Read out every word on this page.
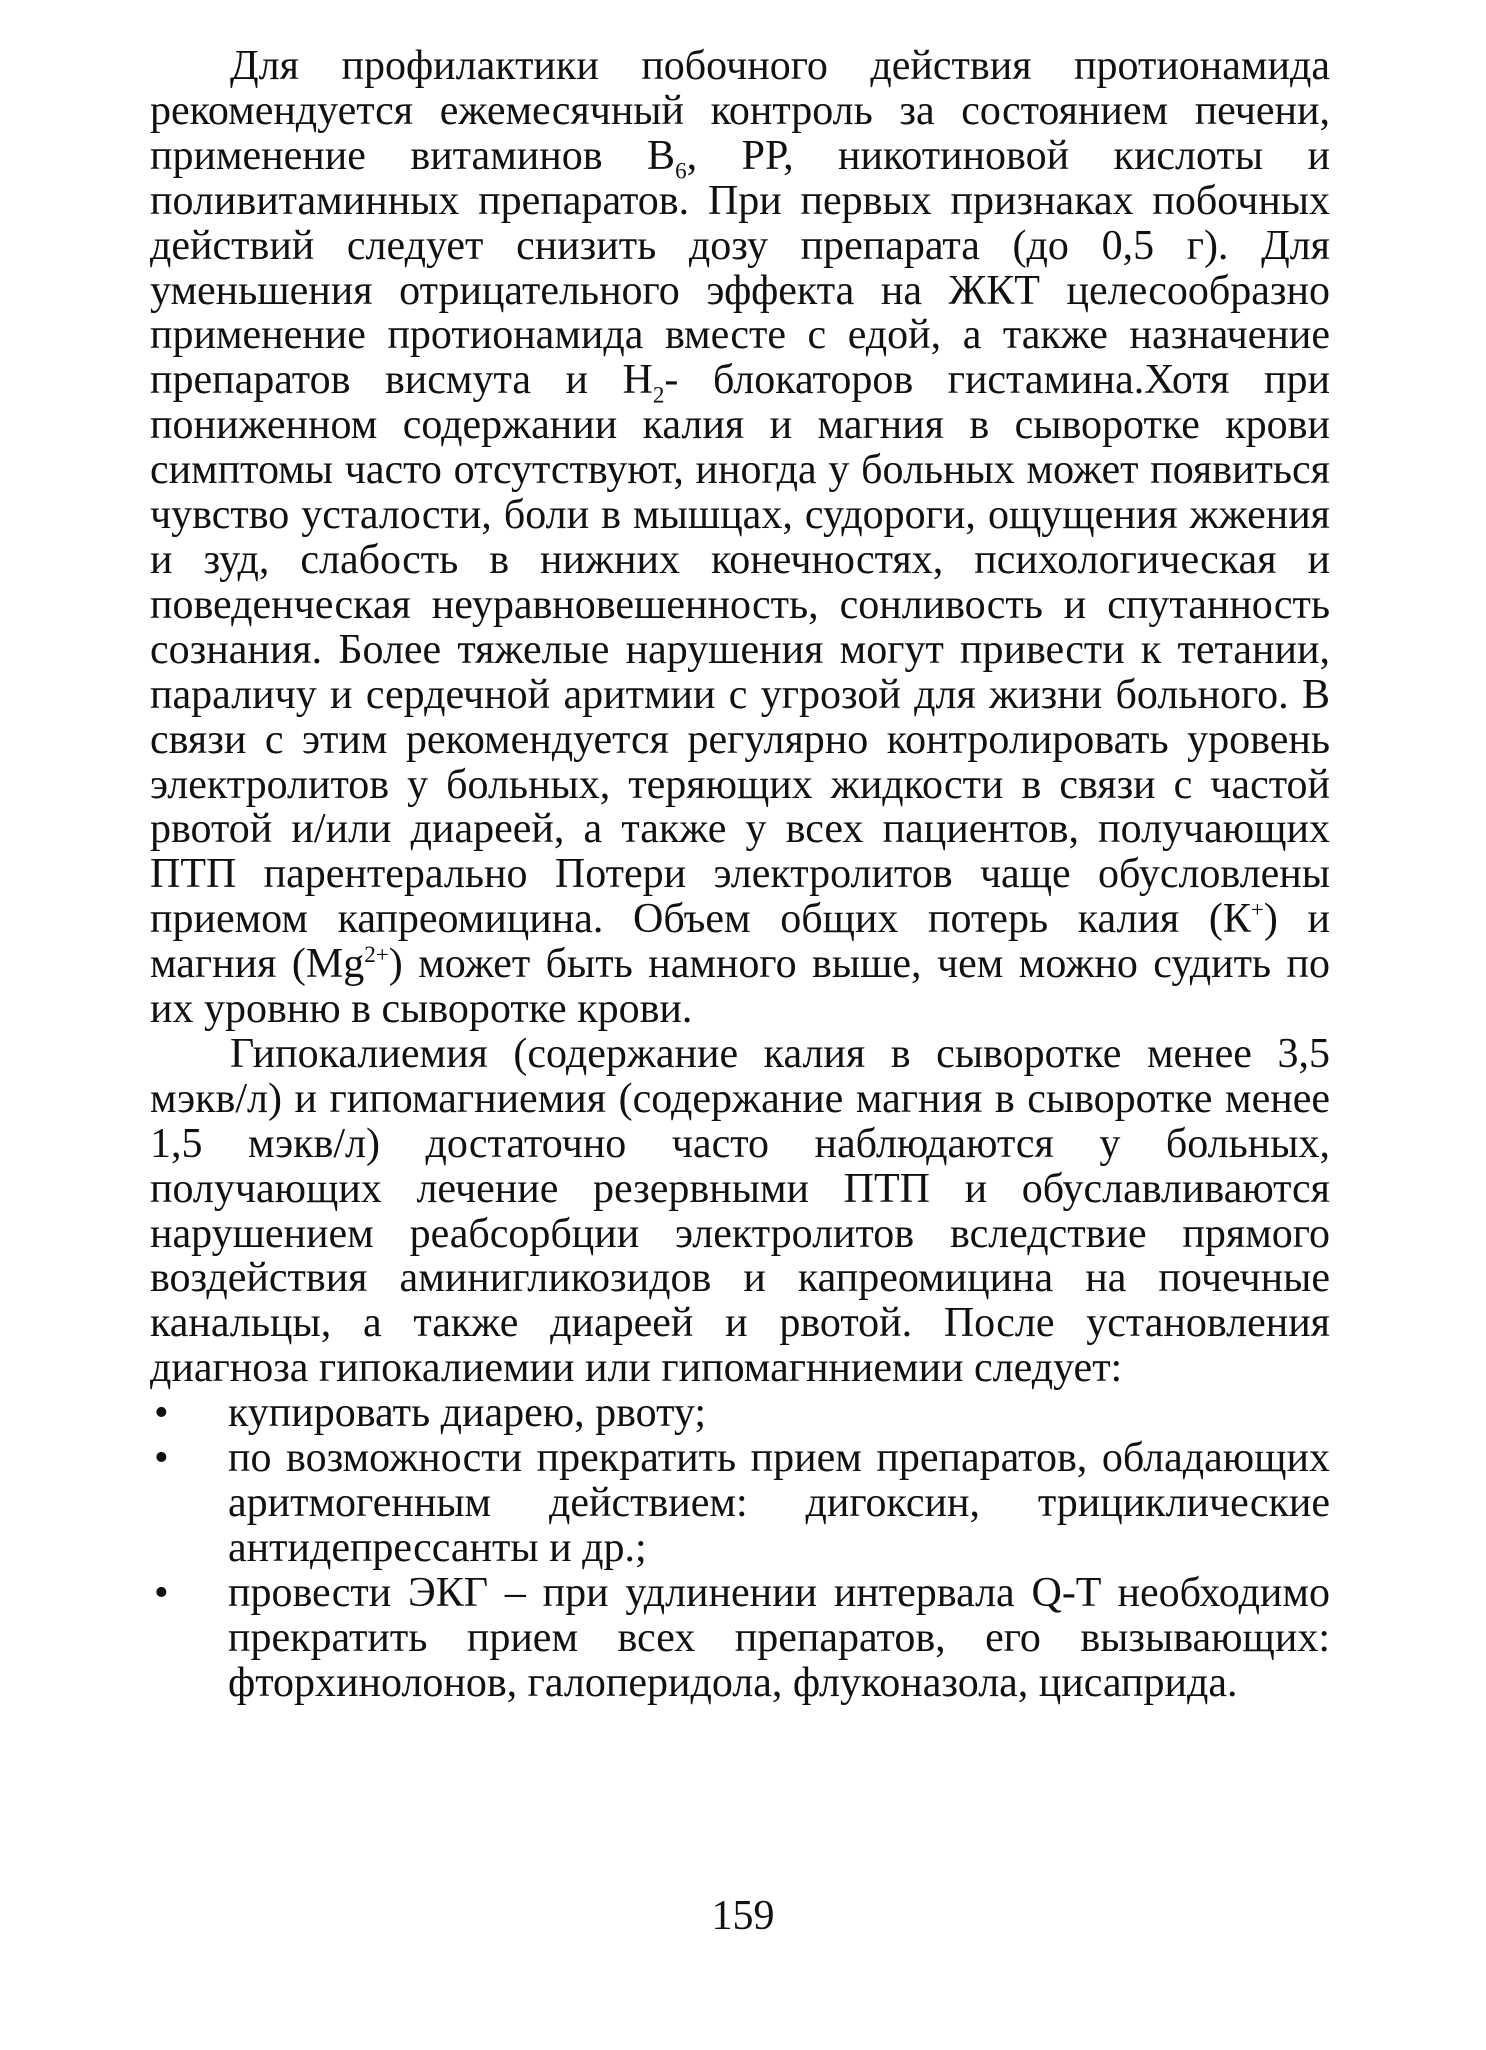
Для профилактики побочного действия протионамида рекомендуется ежемесячный контроль за состоянием печени, применение витаминов $В_6$, РР, никотиновой кислоты и поливитаминных препаратов. При первых признаках побочных действий следует снизить дозу препарата (до 0,5 г). Для уменьшения отрицательного эффекта на ЖКТ целесообразно применение протионамида вместе с едой, а также назначение препаратов висмута и $Н_2-$ блокаторов гистамина.Хотя при пониженном содержании калия и магния в сыворотке крови симптомы часто отсутствуют, иногда у больных может появиться чувство усталости, боли в мышцах, судороги, ощущения жжения и зуд, слабость в нижних конечностях, психологическая и поведенческая неуравновешенность, сонливость и спутанность сознания. Более тяжелые нарушения могут привести к тетании, параличу и сердечной аритмии с угрозой для жизни больного. В связи с этим рекомендуется регулярно контролировать уровень электролитов у больных, теряющих жидкости в связи с частой рвотой и/или диареей, а также у всех пациентов, получающих ПТП парентерально Потери электролитов чаще обусловлены приемом капреомицина. Объем общих потерь калия (К+) и магния $(Mg^{2+})$ может быть намного выше, чем можно судить по их уровню в сыворотке крови.

Гипокалиемия (содержание калия в сыворотке менее 3,5 мэкв/л) и гипомагниемия (содержание магния в сыворотке менее 1,5 мэкв/л) достаточно часто наблюдаются у больных, получающих лечение резервными ПТП и обуславливаются нарушением реабсорбции электролитов вследствие прямого воздействия аминигликозидов и капреомицина на почечные канальцы, а также диареей и рвотой. После установления диагноза гипокалиемии или гипомагнниемии следует:

• купировать диарею, рвоту;
• по возможности прекратить прием препаратов, обладающих аритмогенным действием: дигоксин, трициклические антидепрессанты и др.;
• провести ЭКГ – при удлинении интервала Q-T необходимо прекратить прием всех препаратов, его вызывающих: фторхинолонов, галоперидола, флуконазола, цисаприда.
159
